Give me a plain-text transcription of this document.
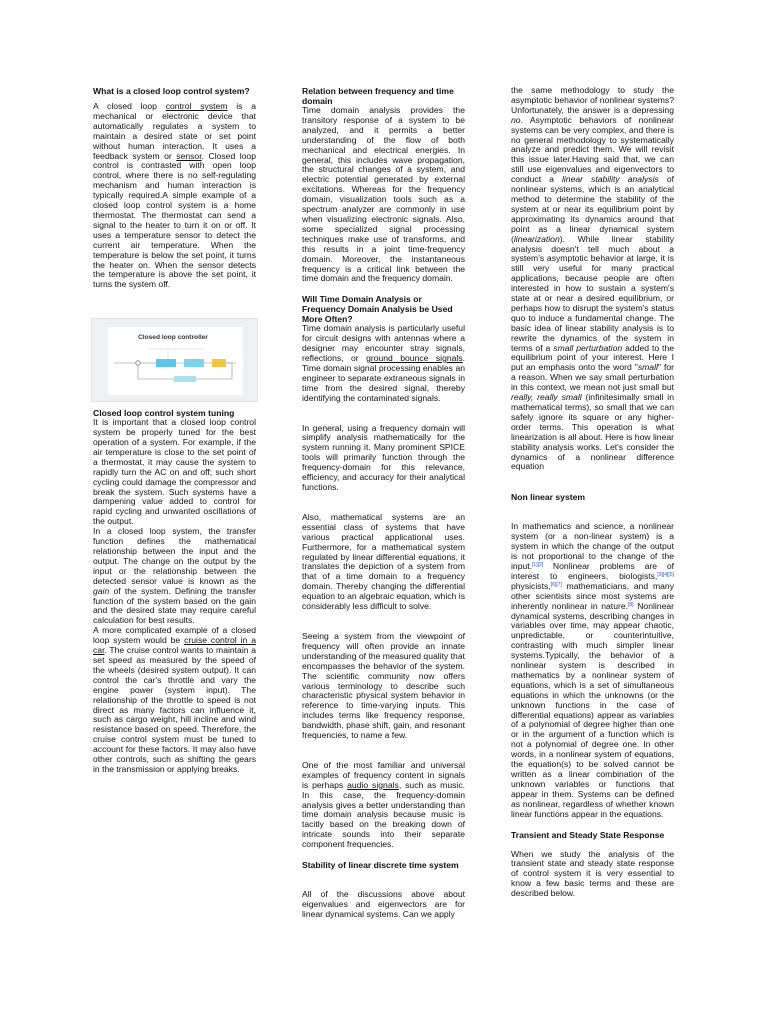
What is a closed loop control system?

A closed loop control system is a mechanical or electronic device that automatically regulates a system to maintain a desired state or set point without human interaction. It uses a feedback system or sensor. Closed loop control is contrasted with open loop control, where there is no self-regulating mechanism and human interaction is typically required.A simple example of a closed loop control system is a home thermostat. The thermostat can send a signal to the heater to turn it on or off. It uses a temperature sensor to detect the current air temperature. When the temperature is below the set point, it turns the heater on. When the sensor detects the temperature is above the set point, it turns the system off.

Closed loop controller
Closed loop control system tuning

It is important that a closed loop control system be properly tuned for the best operation of a system. For example, if the air temperature is close to the set point of a thermostat, it may cause the system to rapidly turn the AC on and off; such short cycling could damage the compressor and break the system. Such systems have a dampening value added to control for rapid cycling and unwanted oscillations of the output.

In a closed loop system, the transfer function defines the mathematical relationship between the input and the output. The change on the output by the input or the relationship between the detected sensor value is known as the gain of the system. Defining the transfer function of the system based on the gain and the desired state may require careful calculation for best results.

A more complicated example of a closed loop system would be cruise control in a car. The cruise control wants to maintain a set speed as measured by the speed of the wheels (desired system output). It can control the car's throttle and vary the engine power (system input). The relationship of the throttle to speed is not direct as many factors can influence it, such as cargo weight, hill incline and wind resistance based on speed. Therefore, the cruise control system must be tuned to account for these factors. It may also have other controls, such as shifting the gears in the transmission or applying breaks.

Relation between frequency and time domain

Time domain analysis provides the transitory response of a system to be analyzed, and it permits a better understanding of the flow of both mechanical and electrical energies. In general, this includes wave propagation, the structural changes of a system, and electric potential generated by external excitations. Whereas for the frequency domain, visualization tools such as a spectrum analyzer are commonly in use when visualizing electronic signals. Also, some specialized signal processing techniques make use of transforms, and this results in a joint time-frequency domain. Moreover, the instantaneous frequency is a critical link between the time domain and the frequency domain.

Will Time Domain Analysis or Frequency Domain Analysis be Used More Often?

Time domain analysis is particularly useful for circuit designs with antennas where a designer may encounter stray signals, reflections, or ground bounce signals. Time domain signal processing enables an engineer to separate extraneous signals in time from the desired signal, thereby identifying the contaminated signals.

In general, using a frequency domain will simplify analysis mathematically for the system running it. Many prominent SPICE tools will primarily function through the frequency-domain for this relevance, efficiency, and accuracy for their analytical functions.

Also, mathematical systems are an essential class of systems that have various practical applicational uses. Furthermore, for a mathematical system regulated by linear differential equations, it translates the depiction of a system from that of a time domain to a frequency domain. Thereby changing the differential equation to an algebraic equation, which is considerably less difficult to solve.

Seeing a system from the viewpoint of frequency will often provide an innate understanding of the measured quality that encompasses the behavior of the system. The scientific community now offers various terminology to describe such characteristic physical system behavior in reference to time-varying inputs. This includes terms like frequency response, bandwidth, phase shift, gain, and resonant frequencies, to name a few.

One of the most familiar and universal examples of frequency content in signals is perhaps audio signals, such as music. In this case, the frequency-domain analysis gives a better understanding than time domain analysis because music is tacitly based on the breaking down of intricate sounds into their separate component frequencies.

Stability of linear discrete time system

All of the discussions above about eigenvalues and eigenvectors are for linear dynamical systems. Can we apply

the same methodology to study the asymptotic behavior of nonlinear systems? Unfortunately, the answer is a depressing no. Asymptotic behaviors of nonlinear systems can be very complex, and there is no general methodology to systematically analyze and predict them. We will revisit this issue later.Having said that, we can still use eigenvalues and eigenvectors to conduct a linear stability analysis of nonlinear systems, which is an analytical method to determine the stability of the system at or near its equilibrium point by approximating its dynamics around that point as a linear dynamical system (linearization). While linear stability analysis doesn't tell much about a system's asymptotic behavior at large, it is still very useful for many practical applications, because people are often interested in how to sustain a system's state at or near a desired equilibrium, or perhaps how to disrupt the system's status quo to induce a fundamental change. The basic idea of linear stability analysis is to rewrite the dynamics of the system in terms of a small perturbation added to the equilibrium point of your interest. Here I put an emphasis onto the word "small" for a reason. When we say small perturbation in this context, we mean not just small but really, really small (infinitesimally small in mathematical terms), so small that we can safely ignore its square or any higher-order terms. This operation is what linearization is all about. Here is how linear stability analysis works. Let's consider the dynamics of a nonlinear difference equation

Non linear system

In mathematics and science, a nonlinear system (or a non-linear system) is a system in which the change of the output is not proportional to the change of the input.[1][2] Nonlinear problems are of interest to engineers, biologists,[3][4][5] physicists,[6][7] mathematicians, and many other scientists since most systems are inherently nonlinear in nature.[8] Nonlinear dynamical systems, describing changes in variables over time, may appear chaotic, unpredictable, or counterintuitive, contrasting with much simpler linear systems.Typically, the behavior of a nonlinear system is described in mathematics by a nonlinear system of equations, which is a set of simultaneous equations in which the unknowns (or the unknown functions in the case of differential equations) appear as variables of a polynomial of degree higher than one or in the argument of a function which is not a polynomial of degree one. In other words, in a nonlinear system of equations, the equation(s) to be solved cannot be written as a linear combination of the unknown variables or functions that appear in them. Systems can be defined as nonlinear, regardless of whether known linear functions appear in the equations.

Transient and Steady State Response

When we study the analysis of the transient state and steady state response of control system it is very essential to know a few basic terms and these are described below.
